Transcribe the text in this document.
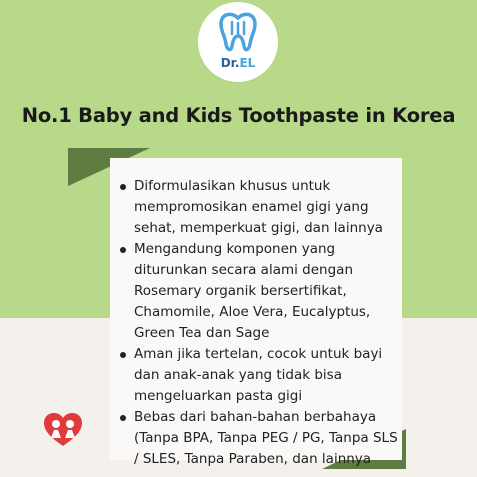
Dr.EL
No.1 Baby and Kids Toothpaste in Korea
Diformulasikan khusus untuk mempromosikan enamel gigi yang sehat, memperkuat gigi, dan lainnya
Mengandung komponen yang diturunkan secara alami dengan Rosemary organik bersertifikat, Chamomile, Aloe Vera, Eucalyptus, Green Tea dan Sage
Aman jika tertelan, cocok untuk bayi dan anak-anak yang tidak bisa mengeluarkan pasta gigi
Bebas dari bahan-bahan berbahaya (Tanpa BPA, Tanpa PEG / PG, Tanpa SLS / SLES, Tanpa Paraben, dan lainnya
